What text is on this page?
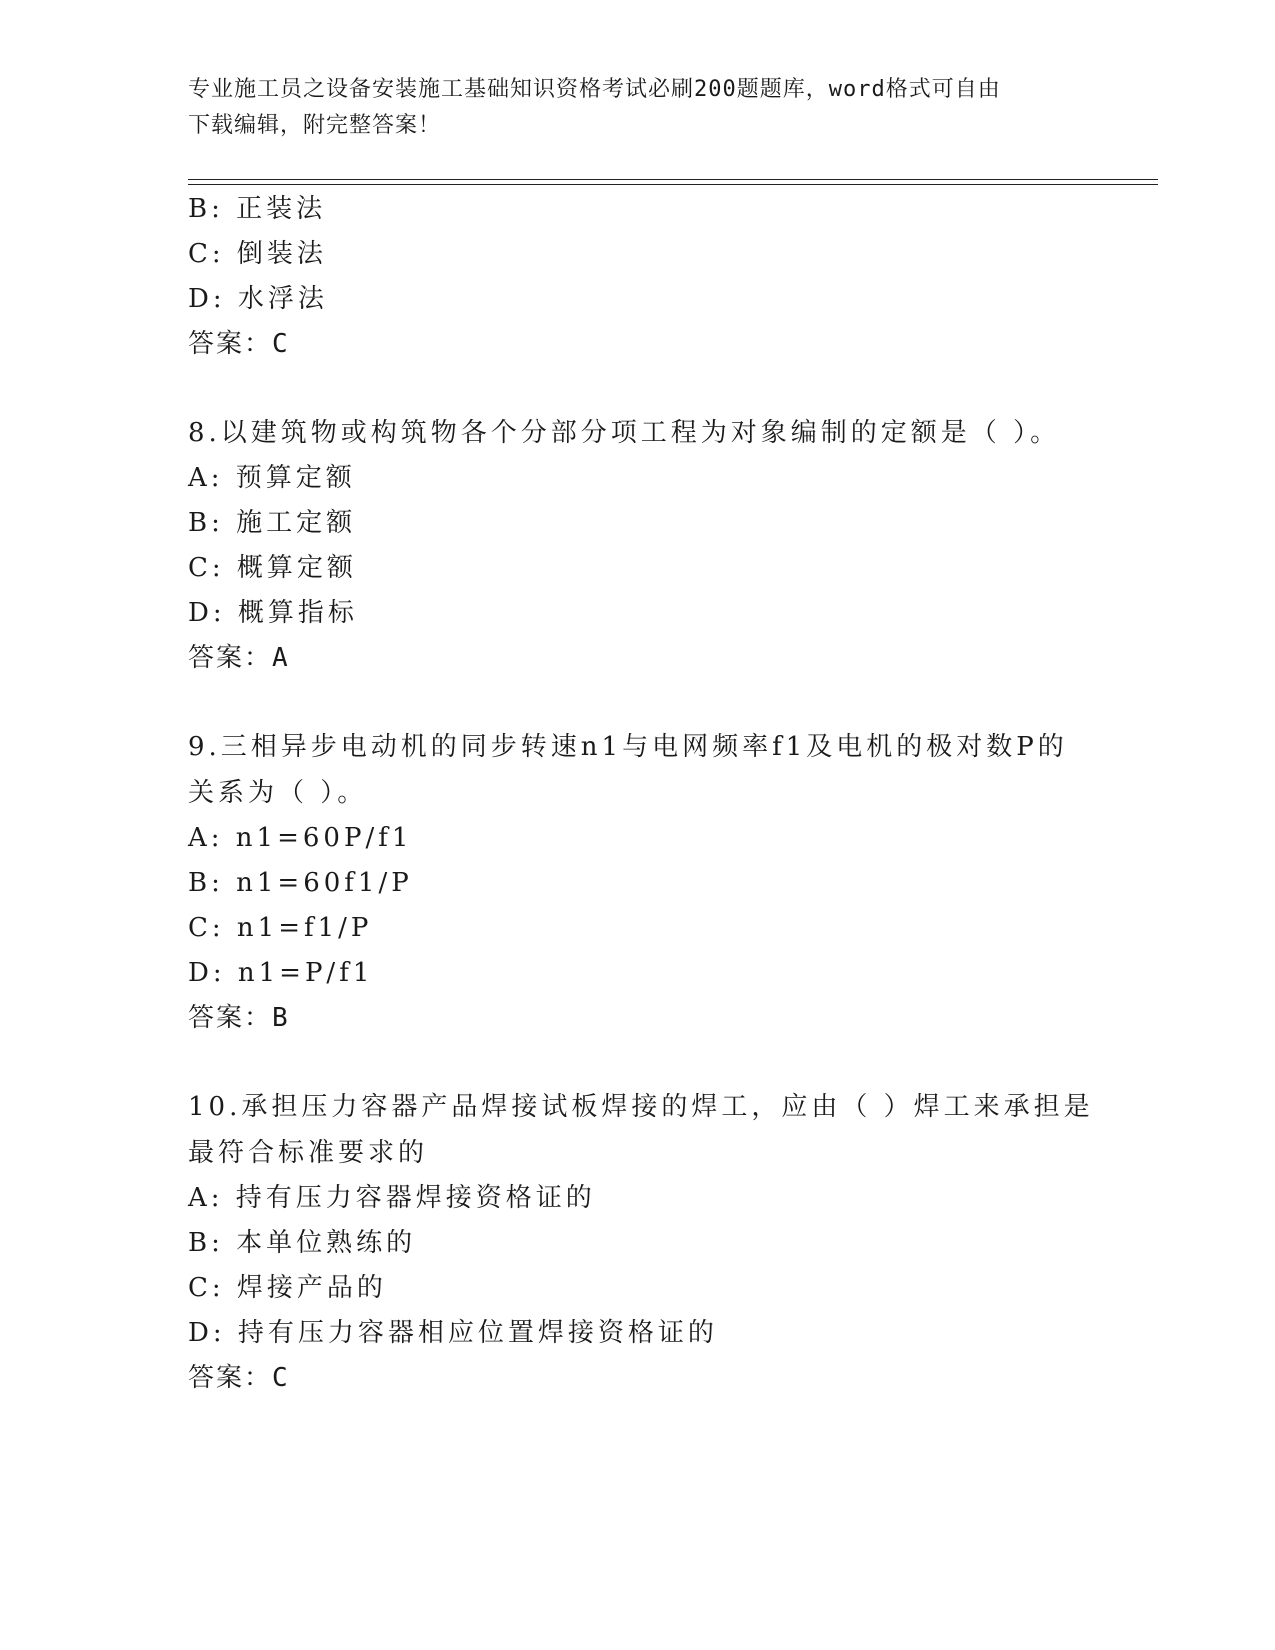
专业施工员之设备安装施工基础知识资格考试必刷200题题库，word格式可自由
下载编辑，附完整答案！
B: 正装法
C: 倒装法
D: 水浮法
答案：C
8.以建筑物或构筑物各个分部分项工程为对象编制的定额是（ ）。
A: 预算定额
B: 施工定额
C: 概算定额
D: 概算指标
答案：A
9.三相异步电动机的同步转速n1与电网频率f1及电机的极对数P的
关系为（ ）。
A: n1=60P/f1
B: n1=60f1/P
C: n1=f1/P
D: n1=P/f1
答案：B
10.承担压力容器产品焊接试板焊接的焊工，应由（ ）焊工来承担是
最符合标准要求的
A: 持有压力容器焊接资格证的
B: 本单位熟练的
C: 焊接产品的
D: 持有压力容器相应位置焊接资格证的
答案：C
